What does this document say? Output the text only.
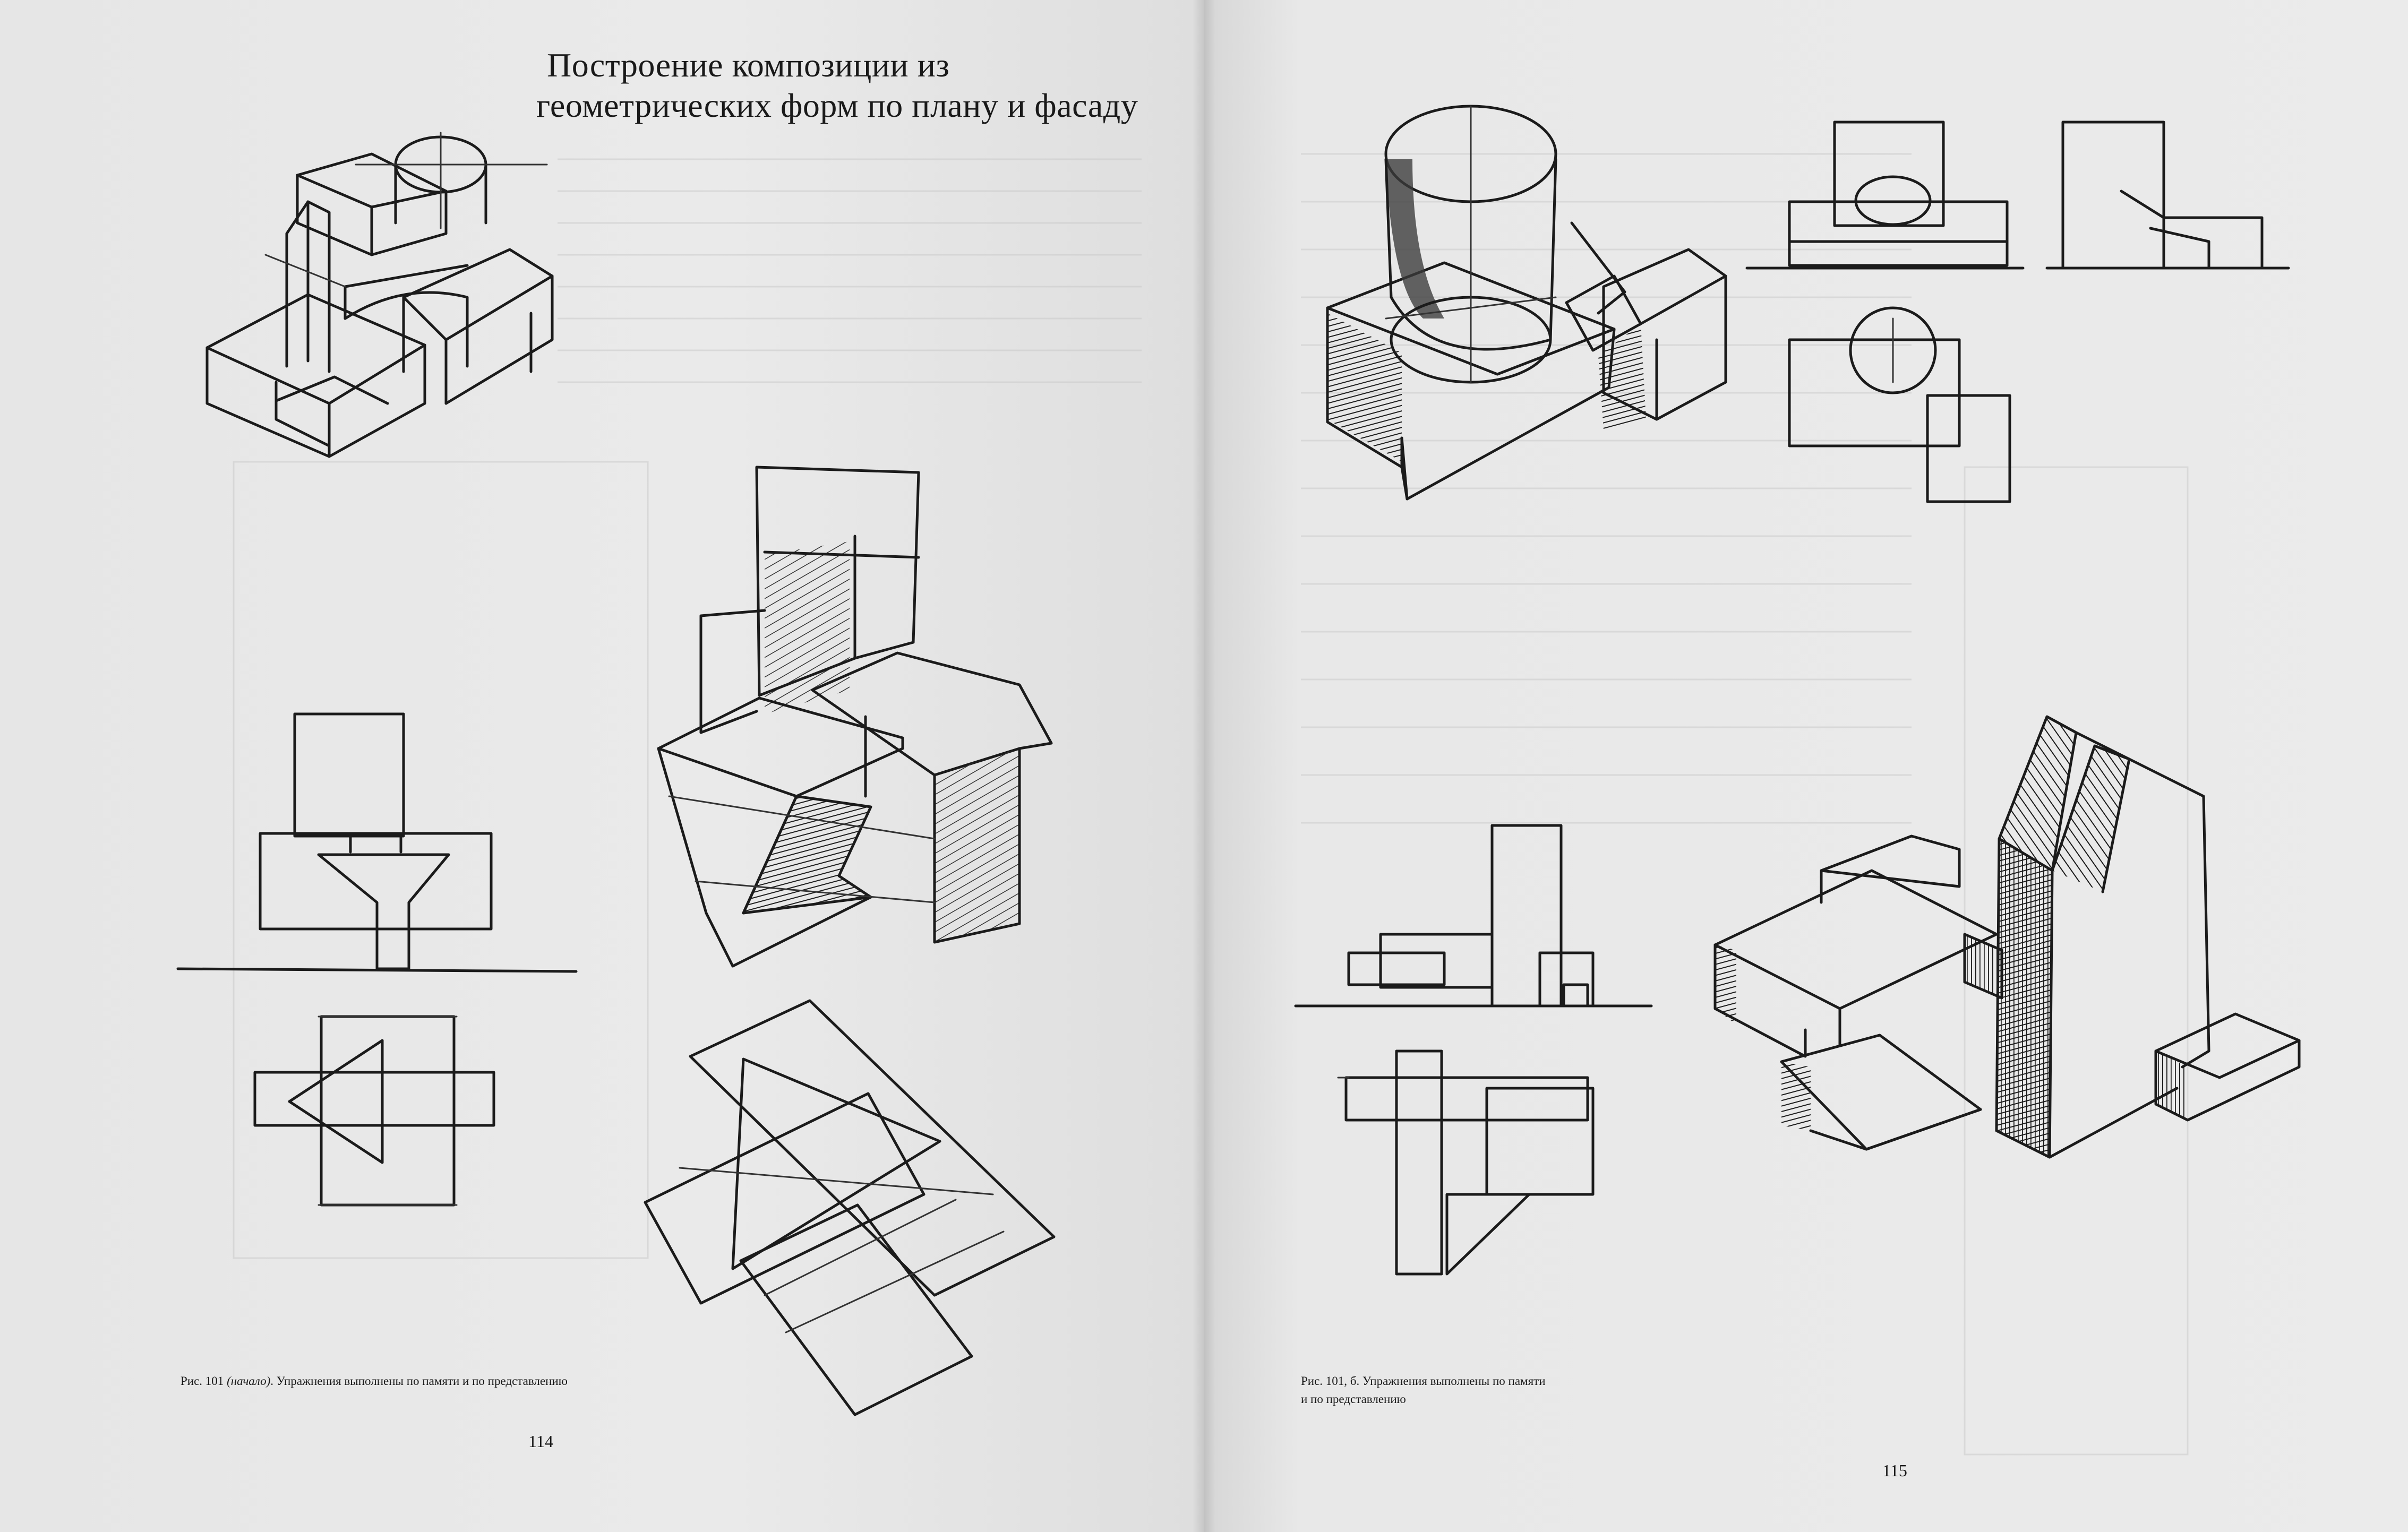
Построение композиции из
геометрических форм по плану и фасаду
Рис. 101 (начало). Упражнения выполнены по памяти и по представлению	Рис. 101, б. Упражнения выполнены по памяти
и по представлению
114
115
